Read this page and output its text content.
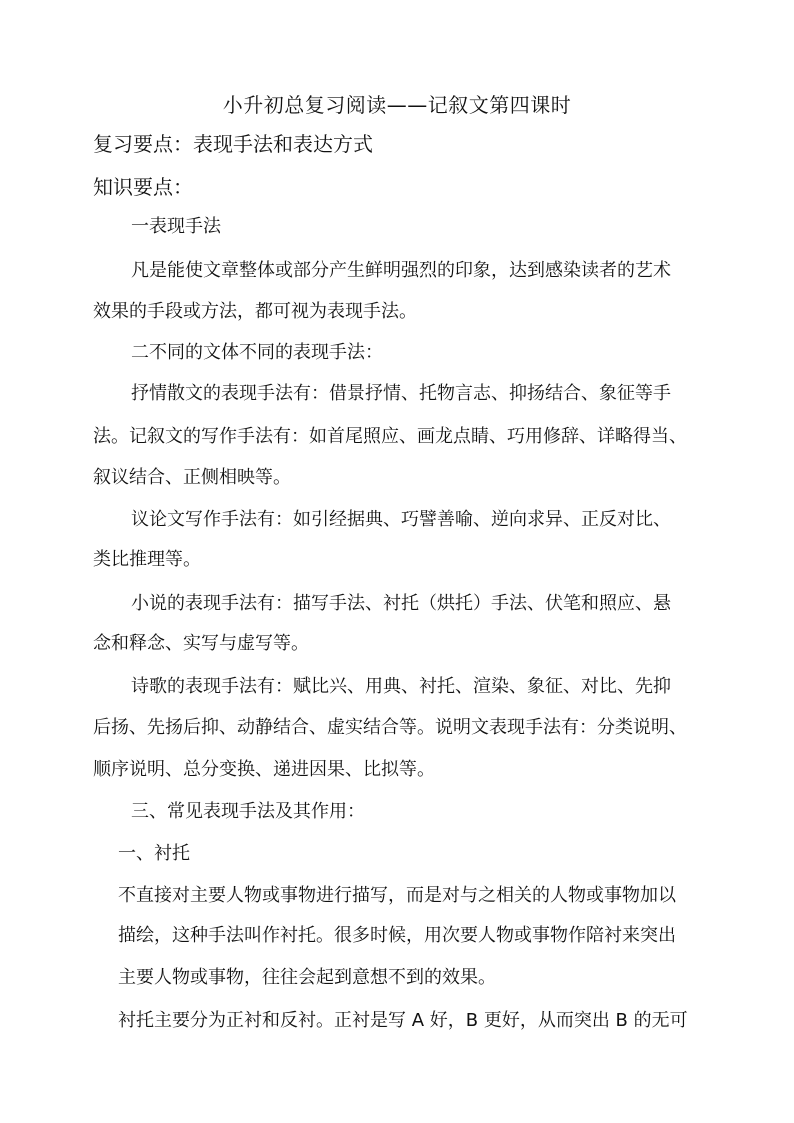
小升初总复习阅读——记叙文第四课时
复习要点：表现手法和表达方式
知识要点：
一表现手法
凡是能使文章整体或部分产生鲜明强烈的印象，达到感染读者的艺术
效果的手段或方法，都可视为表现手法。
二不同的文体不同的表现手法：
抒情散文的表现手法有：借景抒情、托物言志、抑扬结合、象征等手
法。记叙文的写作手法有：如首尾照应、画龙点睛、巧用修辞、详略得当、
叙议结合、正侧相映等。
议论文写作手法有：如引经据典、巧譬善喻、逆向求异、正反对比、
类比推理等。
小说的表现手法有：描写手法、衬托（烘托）手法、伏笔和照应、悬
念和释念、实写与虚写等。
诗歌的表现手法有：赋比兴、用典、衬托、渲染、象征、对比、先抑
后扬、先扬后抑、动静结合、虚实结合等。说明文表现手法有：分类说明、
顺序说明、总分变换、递进因果、比拟等。
三、常见表现手法及其作用：
一、衬托
不直接对主要人物或事物进行描写，而是对与之相关的人物或事物加以
描绘，这种手法叫作衬托。很多时候，用次要人物或事物作陪衬来突出
主要人物或事物，往往会起到意想不到的效果。
衬托主要分为正衬和反衬。正衬是写 A 好，B 更好，从而突出 B 的无可
